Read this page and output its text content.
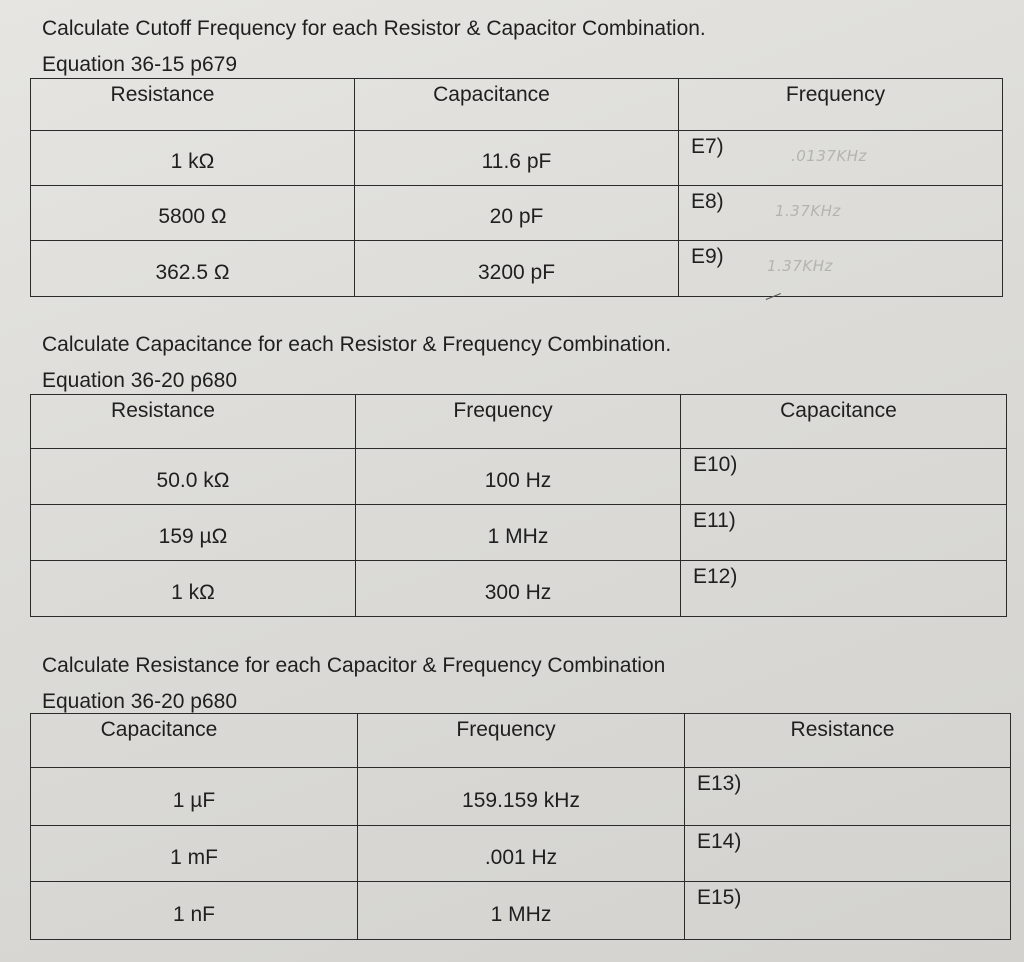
Calculate Cutoff Frequency for each Resistor & Capacitor Combination.
Equation 36-15 p679
Resistance	Capacitance	Frequency

1 kΩ	11.6 pF	E7) .0137KHz

5800 Ω	20 pF	E8) 1.37KHz

362.5 Ω	3200 pF	E9) 1.37KHz
Calculate Capacitance for each Resistor & Frequency Combination.
Equation 36-20 p680
Resistance	Frequency	Capacitance

50.0 kΩ	100 Hz	E10)
159 µΩ	1 MHz	E11)
1 kΩ	300 Hz	E12)
Calculate Resistance for each Capacitor & Frequency Combination
Equation 36-20 p680
Capacitance	Frequency	Resistance

1 µF	159.159 kHz	E13)
1 mF	.001 Hz	E14)
1 nF	1 MHz	E15)
